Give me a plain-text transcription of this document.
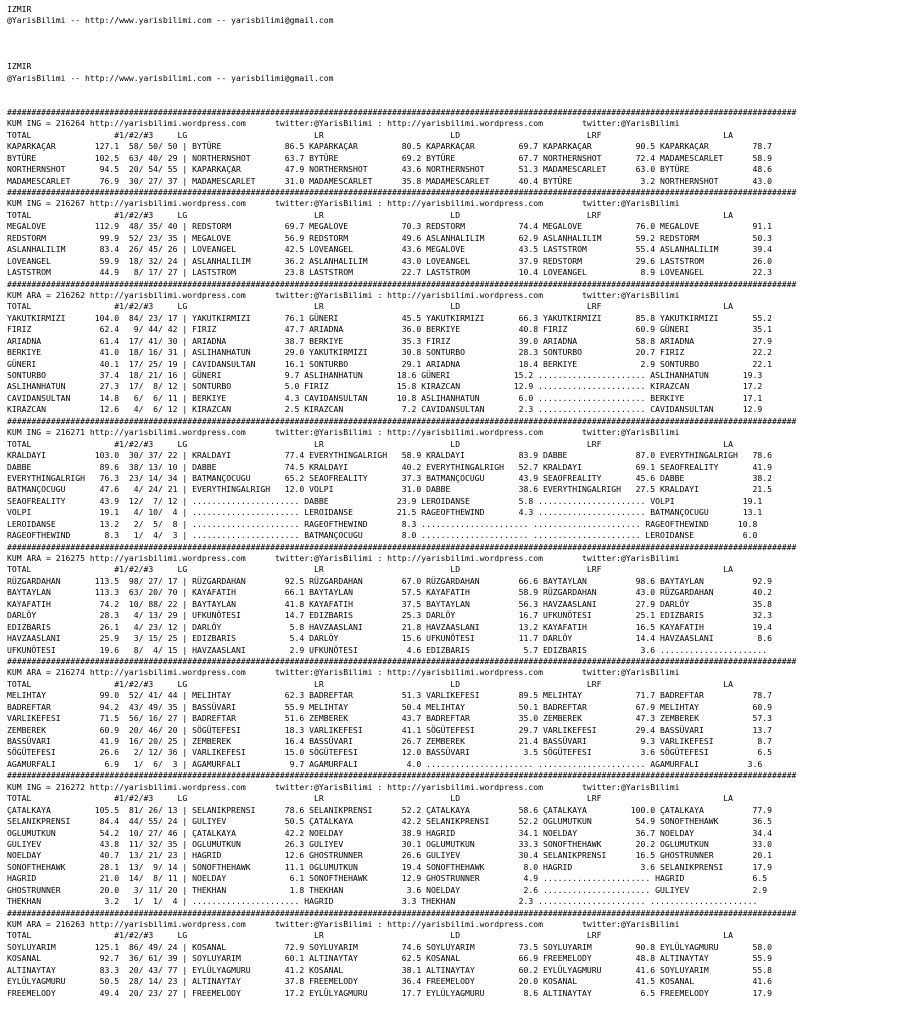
IZMIR
@YarisBilimi -- http://www.yarisbilimi.com -- yarisbilimi@gmail.com
IZMIR
@YarisBilimi -- http://www.yarisbilimi.com -- yarisbilimi@gmail.com
##################################################################################################################################################################
KUM ING = 216264 http://yarisbilimi.wordpress.com      twitter:@YarisBilimi : http://yarisbilimi.wordpress.com        twitter:@YarisBilimi
TOTAL                 #1/#2/#3     LG                          LR                          LD                          LRF                         LA
KAPARKAÇAR        127.1  58/ 50/ 50 | BYTÜRE             86.5 KAPARKAÇAR         80.5 KAPARKAÇAR         69.7 KAPARKAÇAR         90.5 KAPARKAÇAR         78.7
BYTÜRE            102.5  63/ 40/ 29 | NORTHERNSHOT       63.7 BYTÜRE             69.2 BYTÜRE             67.7 NORTHERNSHOT       72.4 MADAMESCARLET      58.9
NORTHERNSHOT       94.5  20/ 54/ 55 | KAPARKAÇAR         47.9 NORTHERNSHOT       43.6 NORTHERNSHOT       51.3 MADAMESCARLET      63.0 BYTÜRE             48.6
MADAMESCARLET      76.9  30/ 27/ 37 | MADAMESCARLET      31.0 MADAMESCARLET      35.8 MADAMESCARLET      40.4 BYTÜRE              3.2 NORTHERNSHOT       43.0
##################################################################################################################################################################
KUM ING = 216267 http://yarisbilimi.wordpress.com      twitter:@YarisBilimi : http://yarisbilimi.wordpress.com        twitter:@YarisBilimi
TOTAL                 #1/#2/#3     LG                          LR                          LD                          LRF                         LA
MEGALOVE          112.9  48/ 35/ 40 | REDSTORM           69.7 MEGALOVE           70.3 REDSTORM           74.4 MEGALOVE           76.0 MEGALOVE           91.1
REDSTORM           99.9  52/ 23/ 35 | MEGALOVE           56.9 REDSTORM           49.6 ASLANHALILIM       62.9 ASLANHALILIM       59.2 REDSTORM           50.3
ASLANHALILIM       83.4  26/ 45/ 26 | LOVEANGEL          42.5 LOVEANGEL          43.6 MEGALOVE           43.5 LASTSTROM          55.4 ASLANHALILIM       39.4
LOVEANGEL          59.9  18/ 32/ 24 | ASLANHALILIM       36.2 ASLANHALILIM       43.0 LOVEANGEL          37.9 REDSTORM           29.6 LASTSTROM          26.0
LASTSTROM          44.9   8/ 17/ 27 | LASTSTROM          23.8 LASTSTROM          22.7 LASTSTROM          10.4 LOVEANGEL           8.9 LOVEANGEL          22.3
##################################################################################################################################################################
KUM ARA = 216262 http://yarisbilimi.wordpress.com      twitter:@YarisBilimi : http://yarisbilimi.wordpress.com        twitter:@YarisBilimi
TOTAL                 #1/#2/#3     LG                          LR                          LD                          LRF                         LA
YAKUTKIRMIZI      104.0  84/ 23/ 17 | YAKUTKIRMIZI       76.1 GÜNERI             45.5 YAKUTKIRMIZI       66.3 YAKUTKIRMIZI       85.8 YAKUTKIRMIZI       55.2
FIRIZ              62.4   9/ 44/ 42 | FIRIZ              47.7 ARIADNA            36.0 BERKIYE            40.8 FIRIZ              60.9 GÜNERI             35.1
ARIADNA            61.4  17/ 41/ 30 | ARIADNA            38.7 BERKIYE            35.3 FIRIZ              39.0 ARIADNA            58.8 ARIADNA            27.9
BERKIYE            41.0  18/ 16/ 31 | ASLIHANHATUN       29.0 YAKUTKIRMIZI       30.8 SONTURBO           28.3 SONTURBO           20.7 FIRIZ              22.2
GÜNERI             40.1  17/ 25/ 19 | CAVIDANSULTAN      16.1 SONTURBO           29.1 ARIADNA            18.4 BERKIYE             2.9 SONTURBO           22.1
SONTURBO           37.4  18/ 21/ 16 | GÜNERI             9.7 ASLIHANHATUN       18.6 GÜNERI             15.2 ...................... ASLIHANHATUN       19.3
ASLIHANHATUN       27.3  17/  8/ 12 | SONTURBO           5.0 FIRIZ              15.8 KIRAZCAN           12.9 ...................... KIRAZCAN           17.2
CAVIDANSULTAN      14.8   6/  6/ 11 | BERKIYE            4.3 CAVIDANSULTAN      10.8 ASLIHANHATUN        6.0 ...................... BERKIYE            17.1
KIRAZCAN           12.6   4/  6/ 12 | KIRAZCAN           2.5 KIRAZCAN            7.2 CAVIDANSULTAN       2.3 ...................... CAVIDANSULTAN      12.9
##################################################################################################################################################################
KUM ING = 216271 http://yarisbilimi.wordpress.com      twitter:@YarisBilimi : http://yarisbilimi.wordpress.com        twitter:@YarisBilimi
TOTAL                 #1/#2/#3     LG                          LR                          LD                          LRF                         LA
KRALDAYI          103.0  30/ 37/ 22 | KRALDAYI           77.4 EVERYTHINGALRIGH   58.9 KRALDAYI           83.9 DABBE              87.0 EVERYTHINGALRIGH   78.6
DABBE              89.6  38/ 13/ 10 | DABBE              74.5 KRALDAYI           40.2 EVERYTHINGALRIGH   52.7 KRALDAYI           69.1 SEAOFREALITY       41.9
EVERYTHINGALRIGH   76.3  23/ 14/ 34 | BATMANÇOCUGU       65.2 SEAOFREALITY       37.3 BATMANÇOCUGU       43.9 SEAOFREALITY       45.6 DABBE              38.2
BATMANÇOCUGU       47.6   4/ 24/ 21 | EVERYTHINGALRIGH   12.0 VOLPI              31.0 DABBE              38.6 EVERYTHINGALRIGH   27.5 KRALDAYI           21.5
SEAOFREALITY       43.9  12/  7/ 12 | ...................... DABBE              23.9 LEROIDANSE          5.8 ...................... VOLPI              19.1
VOLPI              19.1   4/ 10/  4 | ...................... LEROIDANSE         21.5 RAGEOFTHEWIND       4.3 ...................... BATMANÇOCUGU       13.1
LEROIDANSE         13.2   2/  5/  8 | ...................... RAGEOFTHEWIND       8.3 ...................... ...................... RAGEOFTHEWIND      10.8
RAGEOFTHEWIND       8.3   1/  4/  3 | ...................... BATMANÇOCUGU        8.0 ...................... ...................... LEROIDANSE          6.0
##################################################################################################################################################################
KUM ARA = 216275 http://yarisbilimi.wordpress.com      twitter:@YarisBilimi : http://yarisbilimi.wordpress.com        twitter:@YarisBilimi
TOTAL                 #1/#2/#3     LG                          LR                          LD                          LRF                         LA
RÜZGARDAHAN       113.5  98/ 27/ 17 | RÜZGARDAHAN        92.5 RÜZGARDAHAN        67.0 RÜZGARDAHAN        66.6 BAYTAYLAN          98.6 BAYTAYLAN          92.9
BAYTAYLAN         113.3  63/ 20/ 70 | KAYAFATIH          66.1 BAYTAYLAN          57.5 KAYAFATIH          58.9 RÜZGARDAHAN        43.0 RÜZGARDAHAN        40.2
KAYAFATIH          74.2  10/ 88/ 22 | BAYTAYLAN          41.8 KAYAFATIH          37.5 BAYTAYLAN          56.3 HAVZAASLANI        27.9 DARLÖY             35.8
DARLÖY             28.3   4/ 13/ 29 | UFKUNÖTESI         14.7 EDIZBARIS          25.3 DARLÖY             16.7 UFKUNÖTESI         25.1 EDIZBARIS          32.3
EDIZBARIS          26.1   4/ 23/ 12 | DARLÖY              5.8 HAVZAASLANI        21.8 HAVZAASLANI        13.2 KAYAFATIH          16.5 KAYAFATIH          19.4
HAVZAASLANI        25.9   3/ 15/ 25 | EDIZBARIS           5.4 DARLÖY             15.6 UFKUNÖTESI         11.7 DARLÖY             14.4 HAVZAASLANI         8.6
UFKUNÖTESI         19.6   8/  4/ 15 | HAVZAASLANI         2.9 UFKUNÖTESI          4.6 EDIZBARIS           5.7 EDIZBARIS           3.6 ......................
##################################################################################################################################################################
KUM ARA = 216274 http://yarisbilimi.wordpress.com      twitter:@YarisBilimi : http://yarisbilimi.wordpress.com        twitter:@YarisBilimi
TOTAL                 #1/#2/#3     LG                          LR                          LD                          LRF                         LA
MELIHTAY           99.0  52/ 41/ 44 | MELIHTAY           62.3 BADREFTAR          51.3 VARLIKEFESI        89.5 MELIHTAY           71.7 BADREFTAR          78.7
BADREFTAR          94.2  43/ 49/ 35 | BASSÜVARI          55.9 MELIHTAY           50.4 MELIHTAY           50.1 BADREFTAR          67.9 MELIHTAY           60.9
VARLIKEFESI        71.5  56/ 16/ 27 | BADREFTAR          51.6 ZEMBEREK           43.7 BADREFTAR          35.0 ZEMBEREK           47.3 ZEMBEREK           57.3
ZEMBEREK           60.9  20/ 46/ 20 | SÖGÜTEFESI         18.3 VARLIKEFESI        41.1 SÖGÜTEFESI         29.7 VARLIKEFESI        29.4 BASSÜVARI          13.7
BASSÜVARI          41.9  16/ 20/ 25 | ZEMBEREK           16.4 BASSÜVARI          26.7 ZEMBEREK           21.4 BASSÜVARI           9.3 VARLIKEFESI         8.7
SÖGÜTEFESI         26.6   2/ 12/ 36 | VARLIKEFESI        15.0 SÖGÜTEFESI         12.0 BASSÜVARI           3.5 SÖGÜTEFESI          3.6 SÖGÜTEFESI          6.5
AGAMURFALI          6.9   1/  6/  3 | AGAMURFALI          9.7 AGAMURFALI          4.0 ...................... ...................... AGAMURFALI          3.6
##################################################################################################################################################################
KUM ING = 216272 http://yarisbilimi.wordpress.com      twitter:@YarisBilimi : http://yarisbilimi.wordpress.com        twitter:@YarisBilimi
TOTAL                 #1/#2/#3     LG                          LR                          LD                          LRF                         LA
ÇATALKAYA         105.5  81/ 26/ 13 | SELANIKPRENSI      78.6 SELANIKPRENSI      52.2 ÇATALKAYA          58.6 ÇATALKAYA         100.0 ÇATALKAYA          77.9
SELANIKPRENSI      84.4  44/ 55/ 24 | GULIYEV            50.5 ÇATALKAYA          42.2 SELANIKPRENSI      52.2 OGLUMUTKUN         54.9 SONOFTHEHAWK       36.5
OGLUMUTKUN         54.2  10/ 27/ 46 | ÇATALKAYA          42.2 NOELDAY            38.9 HAGRID             34.1 NOELDAY            36.7 NOELDAY            34.4
GULIYEV            43.8  11/ 32/ 35 | OGLUMUTKUN         26.3 GULIYEV            30.1 OGLUMUTKUN         33.3 SONOFTHEHAWK       20.2 OGLUMUTKUN         33.0
NOELDAY            40.7  13/ 21/ 23 | HAGRID             12.6 GHOSTRUNNER        26.6 GULIYEV            30.4 SELANIKPRENSI      16.5 GHOSTRUNNER        20.1
SONOFTHEHAWK       28.1  13/  9/ 14 | SONOFTHEHAWK       11.1 OGLUMUTKUN         19.4 SONOFTHEHAWK        8.0 HAGRID              3.6 SELANIKPRENSI      17.9
HAGRID             21.0  14/  8/ 11 | NOELDAY             6.1 SONOFTHEHAWK       12.9 GHOSTRUNNER         4.9 ...................... HAGRID              6.5
GHOSTRUNNER        20.0   3/ 11/ 20 | THEKHAN             1.8 THEKHAN             3.6 NOELDAY             2.6 ...................... GULIYEV             2.9
THEKHAN             3.2   1/  1/  4 | ...................... HAGRID              3.3 THEKHAN             2.3 ...................... ......................
##################################################################################################################################################################
KUM ARA = 216263 http://yarisbilimi.wordpress.com      twitter:@YarisBilimi : http://yarisbilimi.wordpress.com        twitter:@YarisBilimi
TOTAL                 #1/#2/#3     LG                          LR                          LD                          LRF                         LA
SOYLUYARIM        125.1  86/ 49/ 24 | KOSANAL            72.9 SOYLUYARIM         74.6 SOYLUYARIM         73.5 SOYLUYARIM         90.8 EYLÜLYAGMURU       58.0
KOSANAL            92.7  36/ 61/ 39 | SOYLUYARIM         60.1 ALTINAYTAY         62.5 KOSANAL            66.9 FREEMELODY         48.8 ALTINAYTAY         55.9
ALTINAYTAY         83.3  20/ 43/ 77 | EYLÜLYAGMURU       41.2 KOSANAL            38.1 ALTINAYTAY         60.2 EYLÜLYAGMURU       41.6 SOYLUYARIM         55.8
EYLÜLYAGMURU       50.5  28/ 14/ 23 | ALTINAYTAY         37.8 FREEMELODY         36.4 FREEMELODY         20.0 KOSANAL            41.5 KOSANAL            41.6
FREEMELODY         49.4  20/ 23/ 27 | FREEMELODY         17.2 EYLÜLYAGMURU       17.7 EYLÜLYAGMURU        8.6 ALTINAYTAY          6.5 FREEMELODY         17.9
